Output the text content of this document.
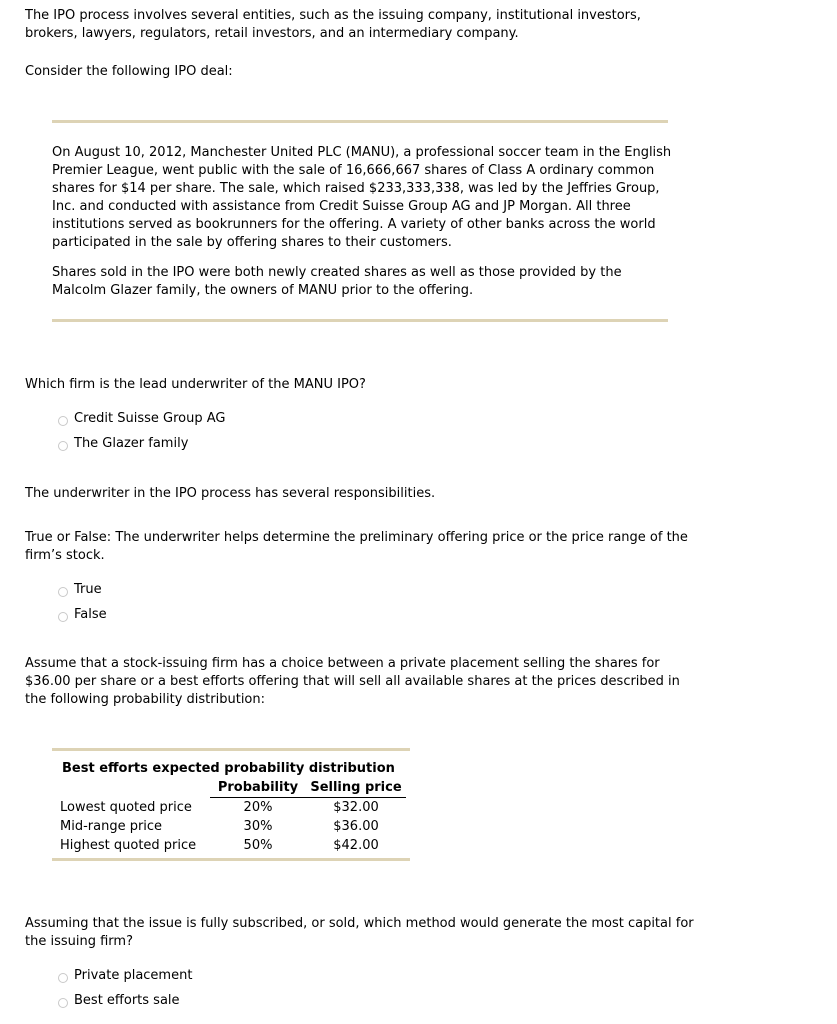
The IPO process involves several entities, such as the issuing company, institutional investors, brokers, lawyers, regulators, retail investors, and an intermediary company.

Consider the following IPO deal:

On August 10, 2012, Manchester United PLC (MANU), a professional soccer team in the English Premier League, went public with the sale of 16,666,667 shares of Class A ordinary common shares for $14 per share. The sale, which raised $233,333,338, was led by the Jeffries Group, Inc. and conducted with assistance from Credit Suisse Group AG and JP Morgan. All three institutions served as bookrunners for the offering. A variety of other banks across the world participated in the sale by offering shares to their customers.

Shares sold in the IPO were both newly created shares as well as those provided by the Malcolm Glazer family, the owners of MANU prior to the offering.

Which firm is the lead underwriter of the MANU IPO?

Credit Suisse Group AG
The Glazer family

The underwriter in the IPO process has several responsibilities.

True or False: The underwriter helps determine the preliminary offering price or the price range of the firm’s stock.

True
False

Assume that a stock-issuing firm has a choice between a private placement selling the shares for $36.00 per share or a best efforts offering that will sell all available shares at the prices described in the following probability distribution:

Best efforts expected probability distribution		
	Probability	Selling price
Lowest quoted price	20%	$32.00
Mid-range price	30%	$36.00
Highest quoted price	50%	$42.00

Assuming that the issue is fully subscribed, or sold, which method would generate the most capital for the issuing firm?

Private placement
Best efforts sale
